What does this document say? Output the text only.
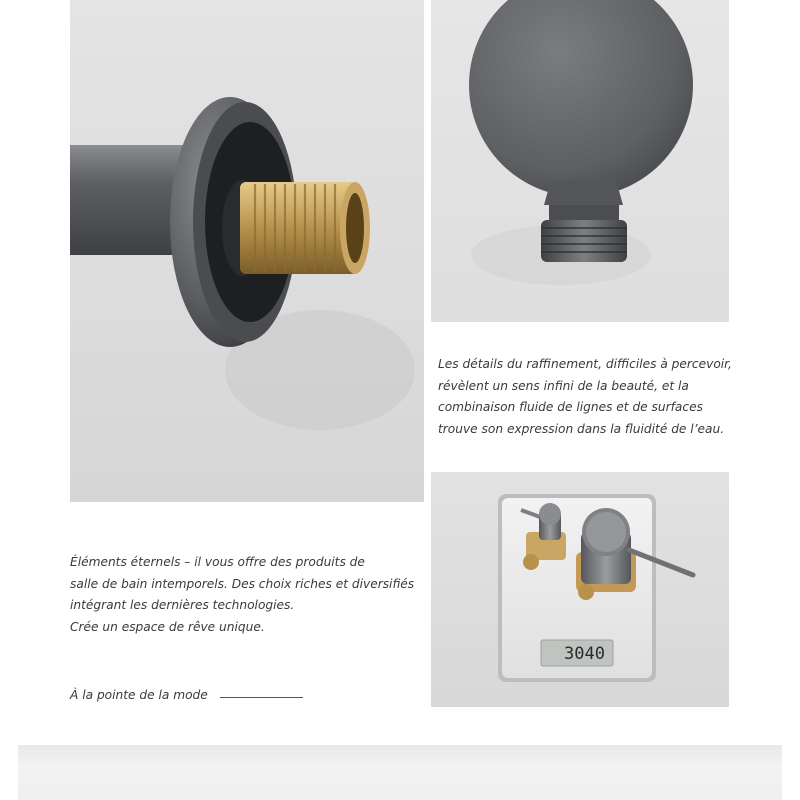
Les détails du raffinement, difficiles à percevoir,
révèlent un sens infini de la beauté, et la
combinaison fluide de lignes et de surfaces
trouve son expression dans la fluidité de l’eau.
3040
Éléments éternels – il vous offre des produits de
salle de bain intemporels. Des choix riches et diversifiés
intégrant les dernières technologies.
Crée un espace de rêve unique.
À la pointe de la mode
